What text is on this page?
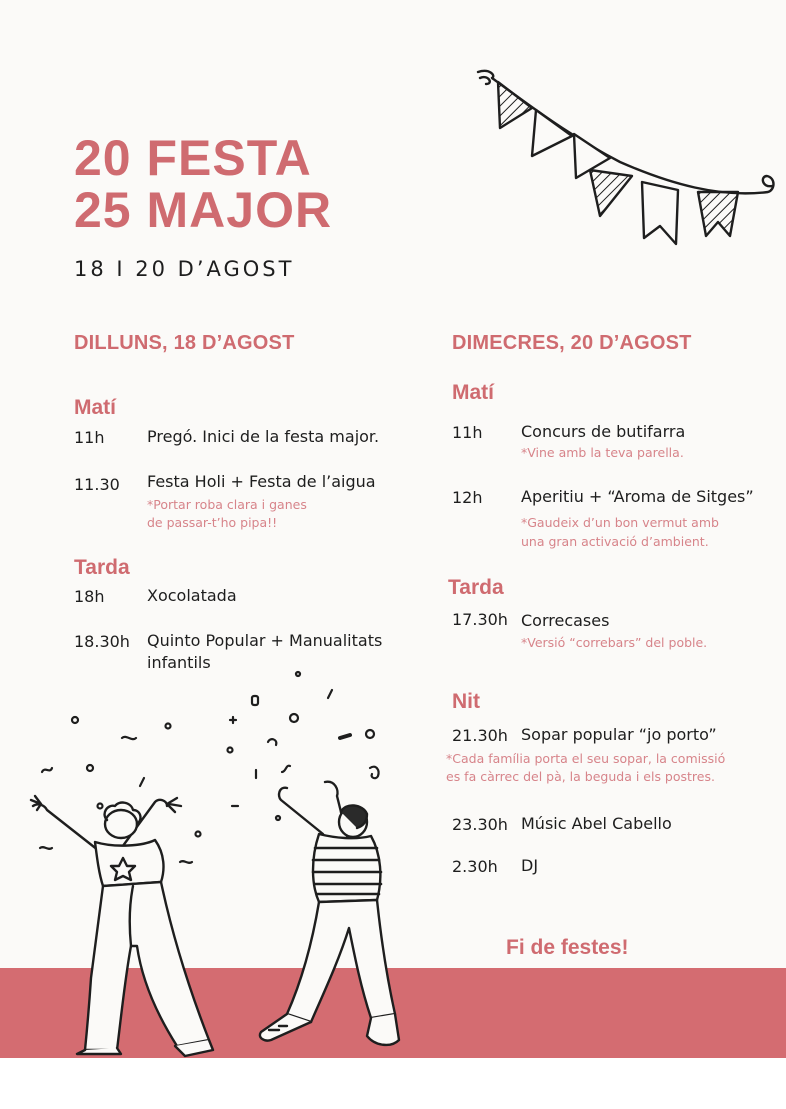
20 FESTA
25 MAJOR
18 I 20 D’AGOST
DILLUNS, 18 D’AGOST
Matí
11h	Pregó. Inici de la festa major.
11.30 Festa Holi + Festa de l’aigua
*Portar roba clara i ganes
de passar-t’ho pipa!!
Tarda
18h	Xocolatada
18.30h Quinto Popular + Manualitats
infantils
DIMECRES, 20 D’AGOST
Matí
11h Concurs de butifarra
*Vine amb la teva parella.
12h Aperitiu + “Aroma de Sitges”
*Gaudeix d’un bon vermut amb
una gran activació d’ambient.
Tarda
17.30h Correcases
*Versió “correbars” del poble.
Nit
21.30h Sopar popular “jo porto”
*Cada família porta el seu sopar, la comissió
es fa càrrec del pà, la beguda i els postres.
23.30h Músic Abel Cabello
2.30h DJ
Fi de festes!
